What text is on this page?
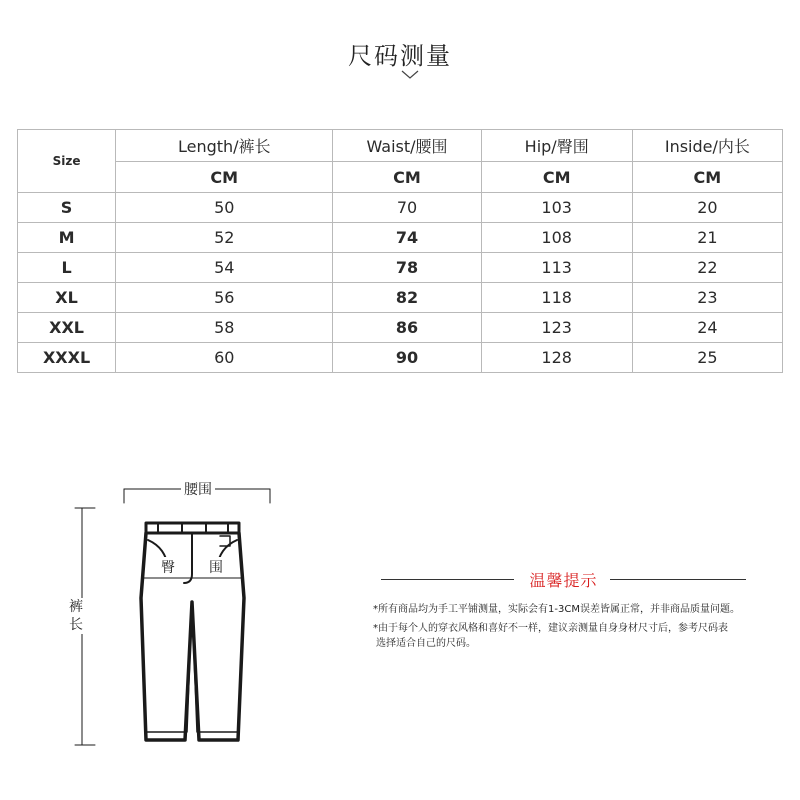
尺码测量
Size	Length/裤长	Waist/腰围	Hip/臀围	Inside/内长
	CM	CM	CM	CM
S	50	70	103	20
M	52	74	108	21
L	54	78	113	22
XL	56	82	118	23
XXL	58	86	123	24
XXXL	60	90	128	25
腰围
臀 围
裤长
温馨提示
*所有商品均为手工平铺测量，实际会有1-3CM误差皆属正常，并非商品质量问题。
*由于每个人的穿衣风格和喜好不一样，建议亲测量自身身材尺寸后，参考尺码表
选择适合自己的尺码。
